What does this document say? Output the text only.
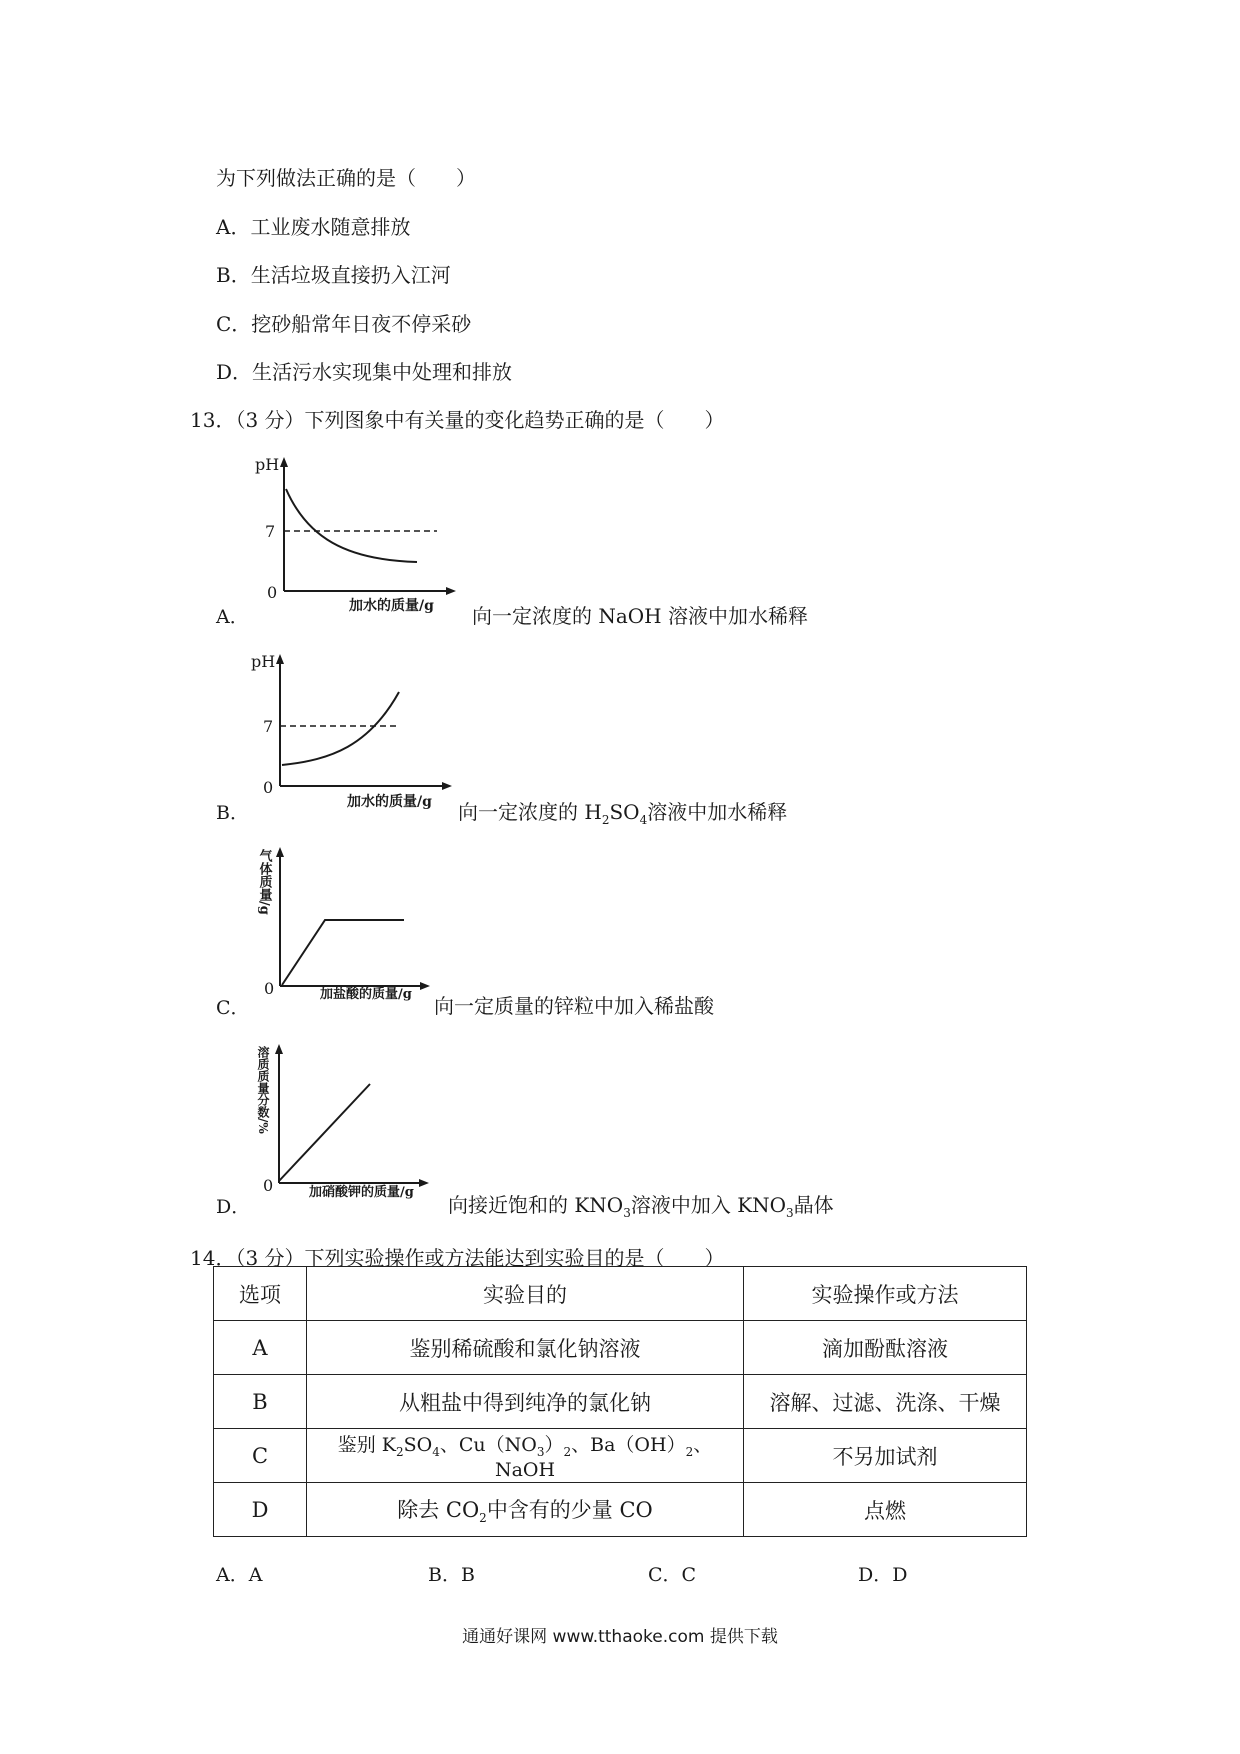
为下列做法正确的是（　　）
A．工业废水随意排放
B．生活垃圾直接扔入江河
C．挖砂船常年日夜不停采砂
D．生活污水实现集中处理和排放
13．（3 分）下列图象中有关量的变化趋势正确的是（　　）
A．
pH
7
0
加水的质量/g 向一定浓度的 NaOH 溶液中加水稀释
B．
pH
7
0
加水的质量/g 向一定浓度的 $H_2SO_4$溶液中加水稀释
C．
气体质量/g
0	加盐酸的质量/g 向一定质量的锌粒中加入稀盐酸
D．
溶质质量分数/%
0	加硝酸钾的质量/g
向接近饱和的 $KNO_3$溶液中加入 $KNO_3$晶体
14．（3 分）下列实验操作或方法能达到实验目的是（　　）
选项	实验目的	实验操作或方法
A	鉴别稀硫酸和氯化钠溶液	滴加酚酞溶液
B	从粗盐中得到纯净的氯化钠	溶解、过滤、洗涤、干燥
C	鉴别 $K_2SO_4$、$Cu(NO_3)_2$、$Ba(OH)_2$、NaOH	不另加试剂
D	除去 $CO_2$中含有的少量 CO	点燃
A．A	B．B	C．C	D．D
通通好课网 www.tthaoke.com 提供下载
